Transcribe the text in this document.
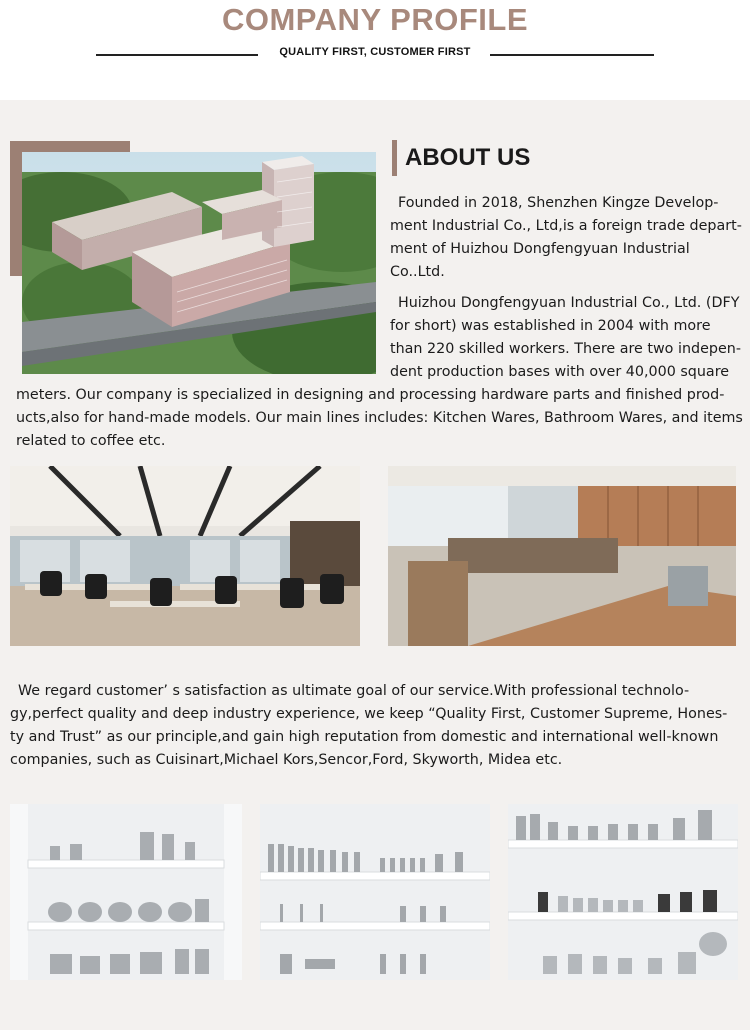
COMPANY PROFILE
QUALITY FIRST, CUSTOMER FIRST
ABOUT US
Founded in 2018, Shenzhen Kingze Develop-
ment Industrial Co., Ltd,is a foreign trade depart-
ment of Huizhou Dongfengyuan Industrial
Co..Ltd.
Huizhou Dongfengyuan Industrial Co., Ltd. (DFY
for short) was established in 2004 with more
than 220 skilled workers. There are two indepen-
dent production bases with over 40,000 square
meters. Our company is specialized in designing and processing hardware parts and finished prod-
ucts,also for hand-made models. Our main lines includes: Kitchen Wares, Bathroom Wares, and items
related to coffee etc.
We regard customer’ s satisfaction as ultimate goal of our service.With professional technolo-
gy,perfect quality and deep industry experience, we keep “Quality First, Customer Supreme, Hones-
ty and Trust” as our principle,and gain high reputation from domestic and international well-known
companies, such as Cuisinart,Michael Kors,Sencor,Ford, Skyworth, Midea etc.
